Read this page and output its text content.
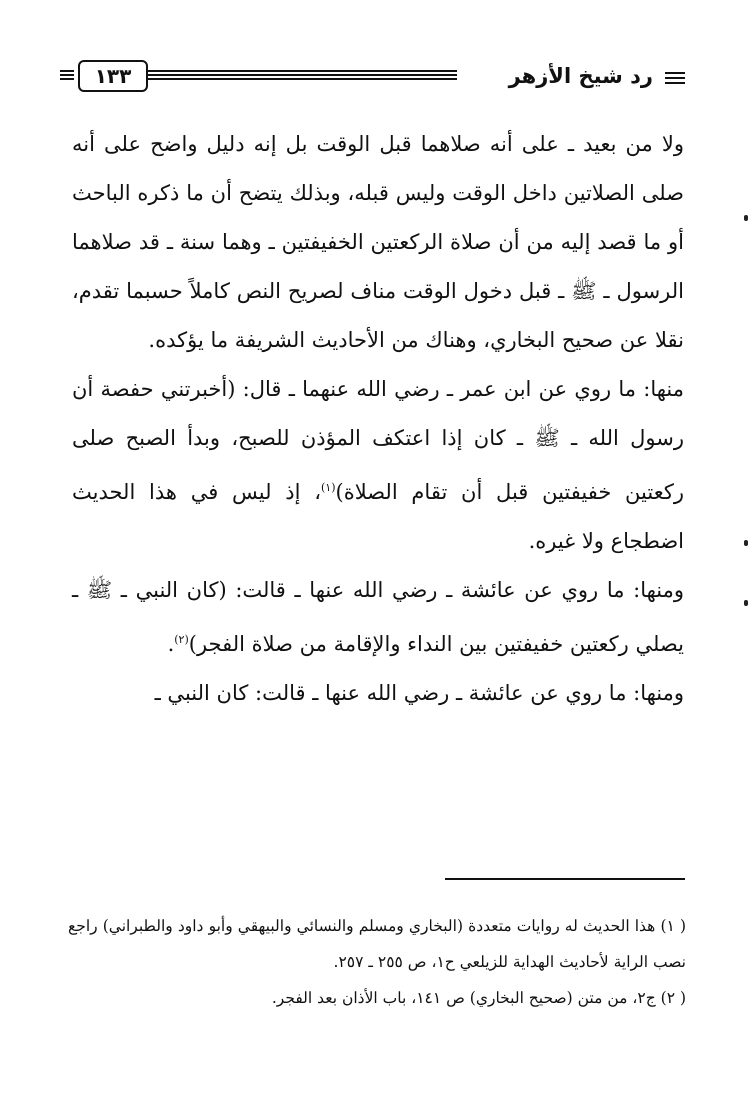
رد شيخ الأزهر
١٣٣

ولا من بعيد ـ على أنه صلاهما قبل الوقت بل إنه دليل واضح على أنه صلى الصلاتين داخل الوقت وليس قبله، وبذلك يتضح أن ما ذكره الباحث أو ما قصد إليه من أن صلاة الركعتين الخفيفتين ـ وهما سنة ـ قد صلاهما الرسول ـ ﷺ ـ قبل دخول الوقت مناف لصريح النص كاملاً حسبما تقدم، نقلا عن صحيح البخاري، وهناك من الأحاديث الشريفة ما يؤكده.

منها: ما روي عن ابن عمر ـ رضي الله عنهما ـ قال: (أخبرتني حفصة أن رسول الله ـ ﷺ ـ كان إذا اعتكف المؤذن للصبح، وبدأ الصبح صلى ركعتين خفيفتين قبل أن تقام الصلاة)$^{(١)}$، إذ ليس في هذا الحديث اضطجاع ولا غيره.

ومنها: ما روي عن عائشة ـ رضي الله عنها ـ قالت: (كان النبي ـ ﷺ ـ يصلي ركعتين خفيفتين بين النداء والإقامة من صلاة الفجر)$^{(٢)}$.

ومنها: ما روي عن عائشة ـ رضي الله عنها ـ قالت: كان النبي ـ

( ١) هذا الحديث له روايات متعددة (البخاري ومسلم والنسائي والبيهقي وأبو داود والطبراني) راجع نصب الراية لأحاديث الهداية للزيلعي ح١، ص ٢٥٥ ـ ٢٥٧.

( ٢) ج٢، من متن (صحيح البخاري) ص ١٤١، باب الأذان بعد الفجر.
